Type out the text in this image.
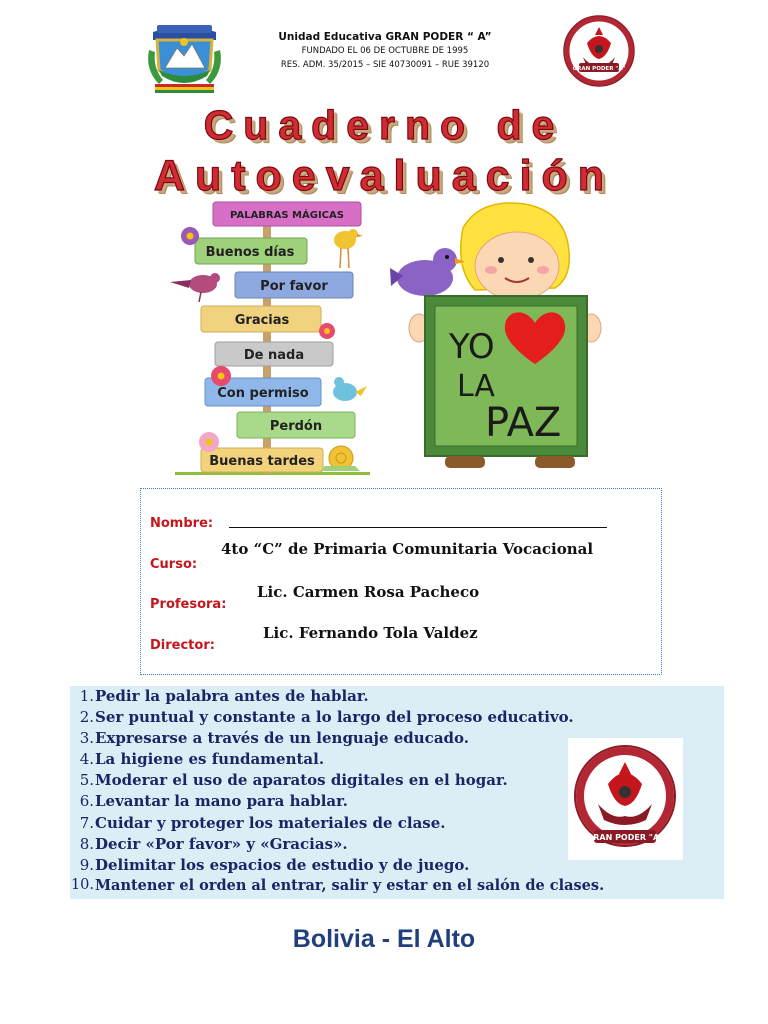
Unidad Educativa GRAN PODER “ A”
FUNDADO EL 06 DE OCTUBRE DE 1995
RES. ADM. 35/2015 – SIE 40730091 – RUE 39120	GRAN PODER "A"
Cuaderno de
Autoevaluación
PALABRAS MÁGICAS
Buenos días
Por favor
Gracias
De nada
Con permiso
Perdón
Buenas tardes
YO
LA
PAZ
Nombre:
4to “C” de Primaria Comunitaria Vocacional
Curso:
Lic. Carmen Rosa Pacheco
Profesora:
Lic. Fernando Tola Valdez
Director:
1. Pedir la palabra antes de hablar.
2. Ser puntual y constante a lo largo del proceso educativo.
3. Expresarse a través de un lenguaje educado.
4. La higiene es fundamental.
5. Moderar el uso de aparatos digitales en el hogar.
6. Levantar la mano para hablar.
7. Cuidar y proteger los materiales de clase.
8. Decir «Por favor» y «Gracias».
9. Delimitar los espacios de estudio y de juego.
10. Mantener el orden al entrar, salir y estar en el salón de clases.
GRAN PODER "A"
Bolivia - El Alto
